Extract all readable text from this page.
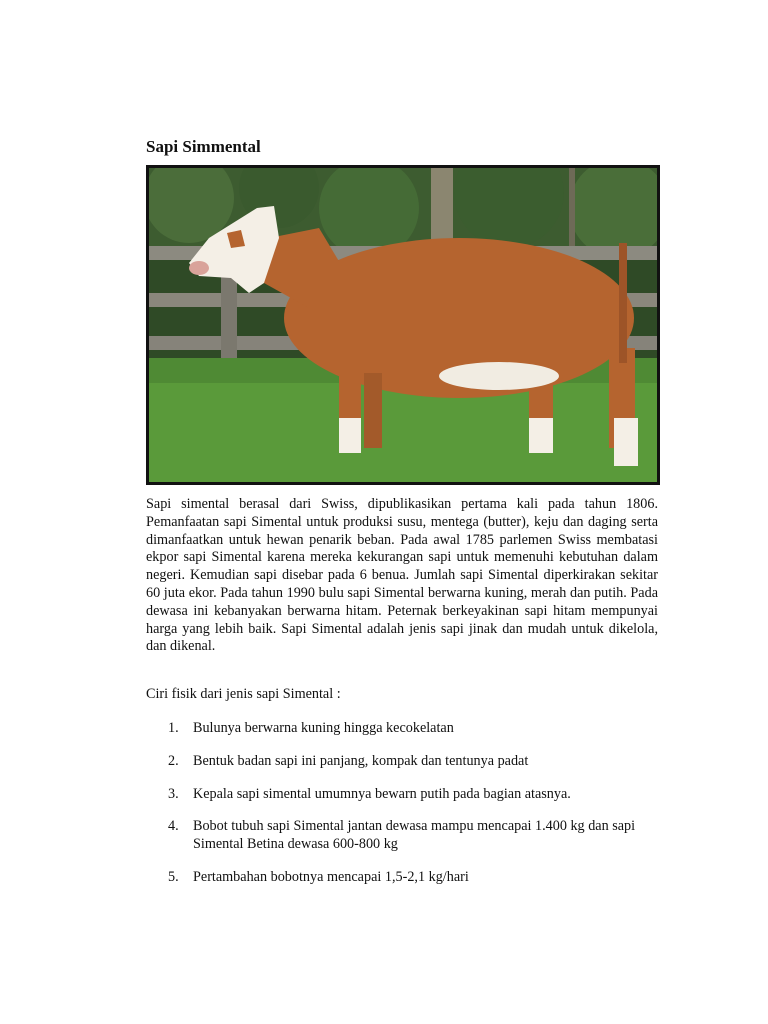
Sapi Simmental

Sapi simental berasal dari Swiss, dipublikasikan pertama kali pada tahun 1806. Pemanfaatan sapi Simental untuk produksi susu, mentega (butter), keju dan daging serta dimanfaatkan untuk hewan penarik beban. Pada awal 1785 parlemen Swiss membatasi ekpor sapi Simental karena mereka kekurangan sapi untuk memenuhi kebutuhan dalam negeri. Kemudian sapi disebar pada 6 benua. Jumlah sapi Simental diperkirakan sekitar 60 juta ekor. Pada tahun 1990 bulu sapi Simental berwarna kuning, merah dan putih. Pada dewasa ini kebanyakan berwarna hitam. Peternak berkeyakinan sapi hitam mempunyai harga yang lebih baik. Sapi Simental adalah jenis sapi jinak dan mudah untuk dikelola, dan dikenal.

Ciri fisik dari jenis sapi Simental :

1. Bulunya berwarna kuning hingga kecokelatan
2. Bentuk badan sapi ini panjang, kompak dan tentunya padat
3. Kepala sapi simental umumnya bewarn putih pada bagian atasnya.
4. Bobot tubuh sapi Simental jantan dewasa mampu mencapai 1.400 kg dan sapi Simental Betina dewasa 600-800 kg
5. Pertambahan bobotnya mencapai 1,5-2,1 kg/hari
